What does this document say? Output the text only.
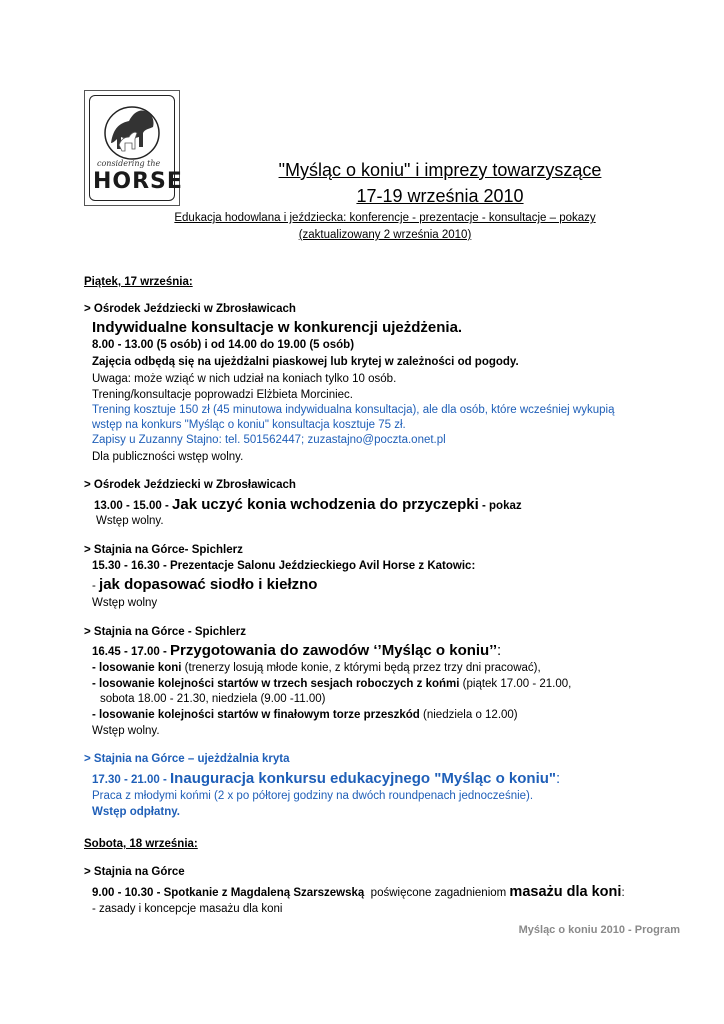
considering the
HORSE	"Myśląc o koniu" i imprezy towarzyszące
17-19 września 2010
Edukacja hodowlana i jeździecka: konferencje - prezentacje - konsultacje – pokazy
(zaktualizowany 2 września 2010)
Piątek, 17 września:
> Ośrodek Jeździecki w Zbrosławicach
Indywidualne konsultacje w konkurencji ujeżdżenia.
8.00 - 13.00 (5 osób) i od 14.00 do 19.00 (5 osób)
Zajęcia odbędą się na ujeżdżalni piaskowej lub krytej w zależności od pogody.
Uwaga: może wziąć w nich udział na koniach tylko 10 osób.
Trening/konsultacje poprowadzi Elżbieta Morciniec.
Trening kosztuje 150 zł (45 minutowa indywidualna konsultacja), ale dla osób, które wcześniej wykupią
wstęp na konkurs "Myśląc o koniu" konsultacja kosztuje 75 zł.
Zapisy u Zuzanny Stajno: tel. 501562447; zuzastajno@poczta.onet.pl
Dla publiczności wstęp wolny.
> Ośrodek Jeździecki w Zbrosławicach
13.00 - 15.00 - Jak uczyć konia wchodzenia do przyczepki - pokaz
Wstęp wolny.
> Stajnia na Górce- Spichlerz
15.30 - 16.30 - Prezentacje Salonu Jeździeckiego Avil Horse z Katowic:
- jak dopasować siodło i kiełzno
Wstęp wolny
> Stajnia na Górce - Spichlerz
16.45 - 17.00 - Przygotowania do zawodów ‘’Myśląc o koniu’’:
- losowanie koni (trenerzy losują młode konie, z którymi będą przez trzy dni pracować),
- losowanie kolejności startów w trzech sesjach roboczych z końmi (piątek 17.00 - 21.00,
sobota 18.00 - 21.30, niedziela (9.00 -11.00)
- losowanie kolejności startów w finałowym torze przeszkód (niedziela o 12.00)
Wstęp wolny.
> Stajnia na Górce – ujeżdżalnia kryta
17.30 - 21.00 - Inauguracja konkursu edukacyjnego "Myśląc o koniu":
Praca z młodymi końmi (2 x po półtorej godziny na dwóch roundpenach jednocześnie).
Wstęp odpłatny.
Sobota, 18 września:
> Stajnia na Górce
9.00 - 10.30 - Spotkanie z Magdaleną Szarszewską  poświęcone zagadnieniom masażu dla koni:
- zasady i koncepcje masażu dla koni
Myśląc o koniu 2010 - Program
